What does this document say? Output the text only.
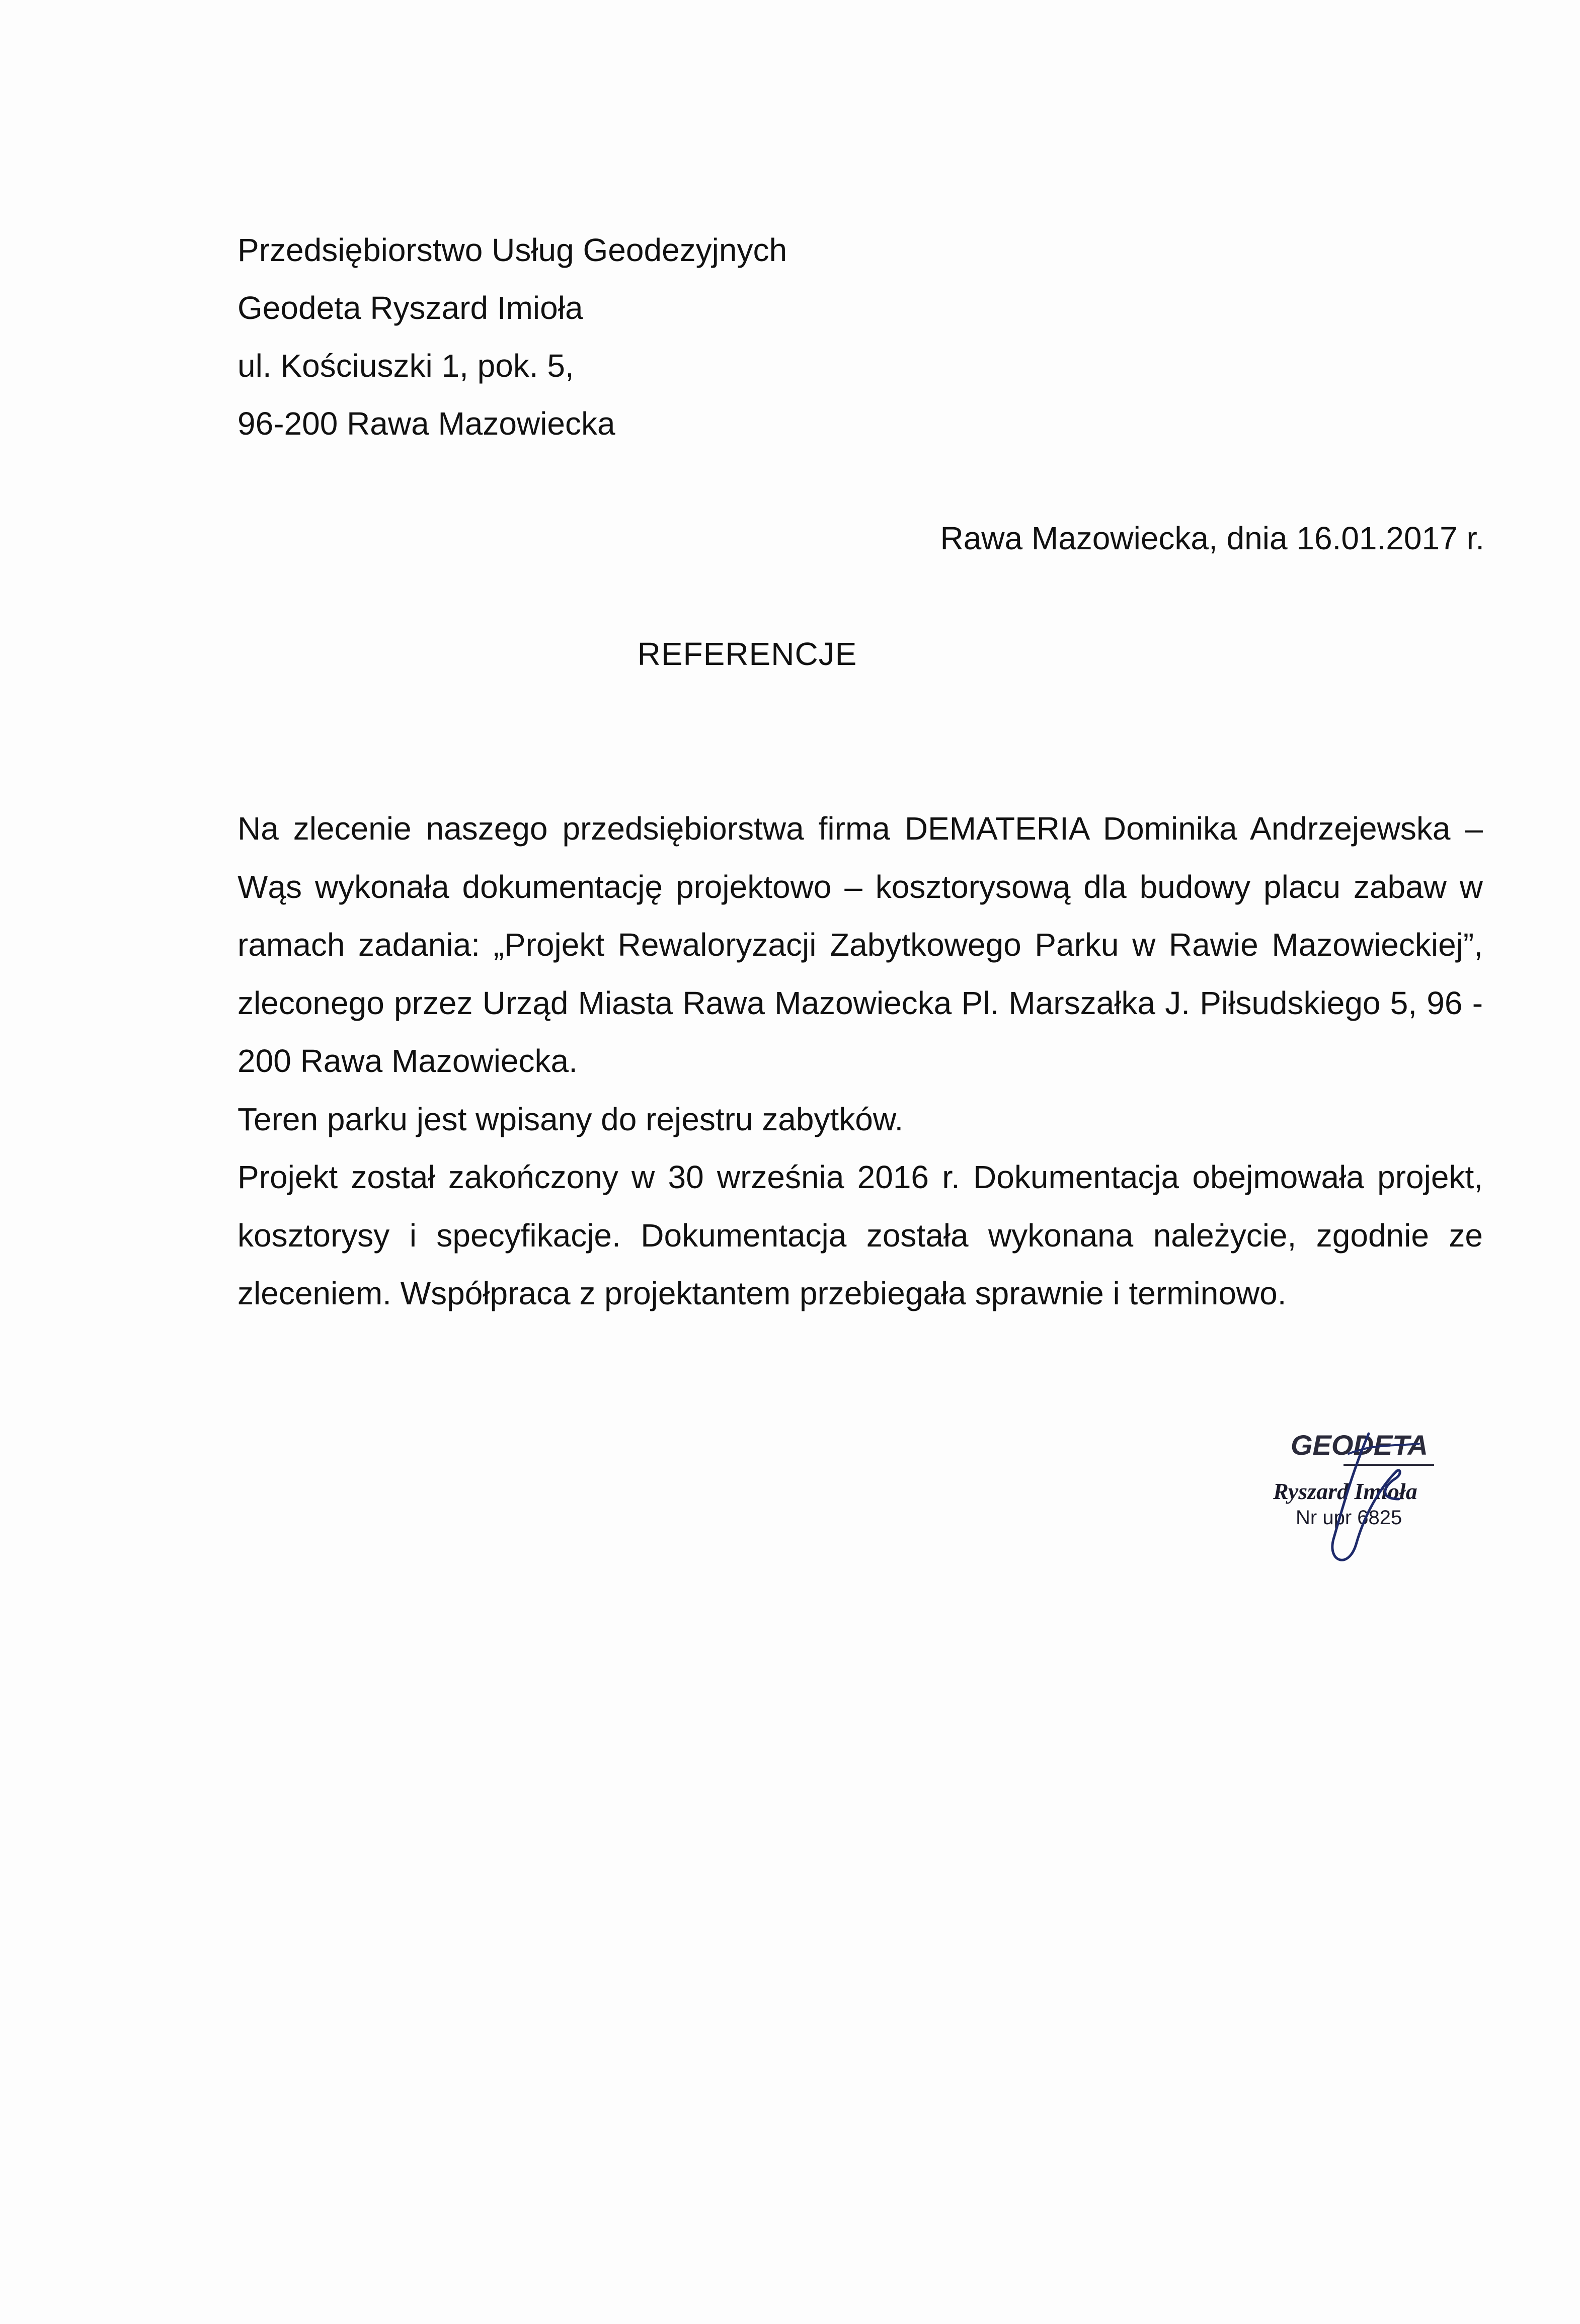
Przedsiębiorstwo Usług Geodezyjnych
Geodeta Ryszard Imioła
ul. Kościuszki 1, pok. 5,
96-200 Rawa Mazowiecka
Rawa Mazowiecka, dnia 16.01.2017 r.
REFERENCJE

Na zlecenie naszego przedsiębiorstwa firma DEMATERIA Dominika Andrzejewska – Wąs wykonała dokumentację projektowo – kosztorysową dla budowy placu zabaw w ramach zadania: „Projekt Rewaloryzacji Zabytkowego Parku w Rawie Mazowieckiej”, zleconego przez Urząd Miasta Rawa Mazowiecka Pl. Marszałka J. Piłsudskiego 5, 96 - 200 Rawa Mazowiecka.

Teren parku jest wpisany do rejestru zabytków.

Projekt został zakończony w 30 września 2016 r. Dokumentacja obejmowała projekt, kosztorysy i specyfikacje. Dokumentacja została wykonana należycie, zgodnie ze zleceniem. Współpraca z projektantem przebiegała sprawnie i terminowo.

GEODETA
Ryszard Imioła
Nr upr 6825
